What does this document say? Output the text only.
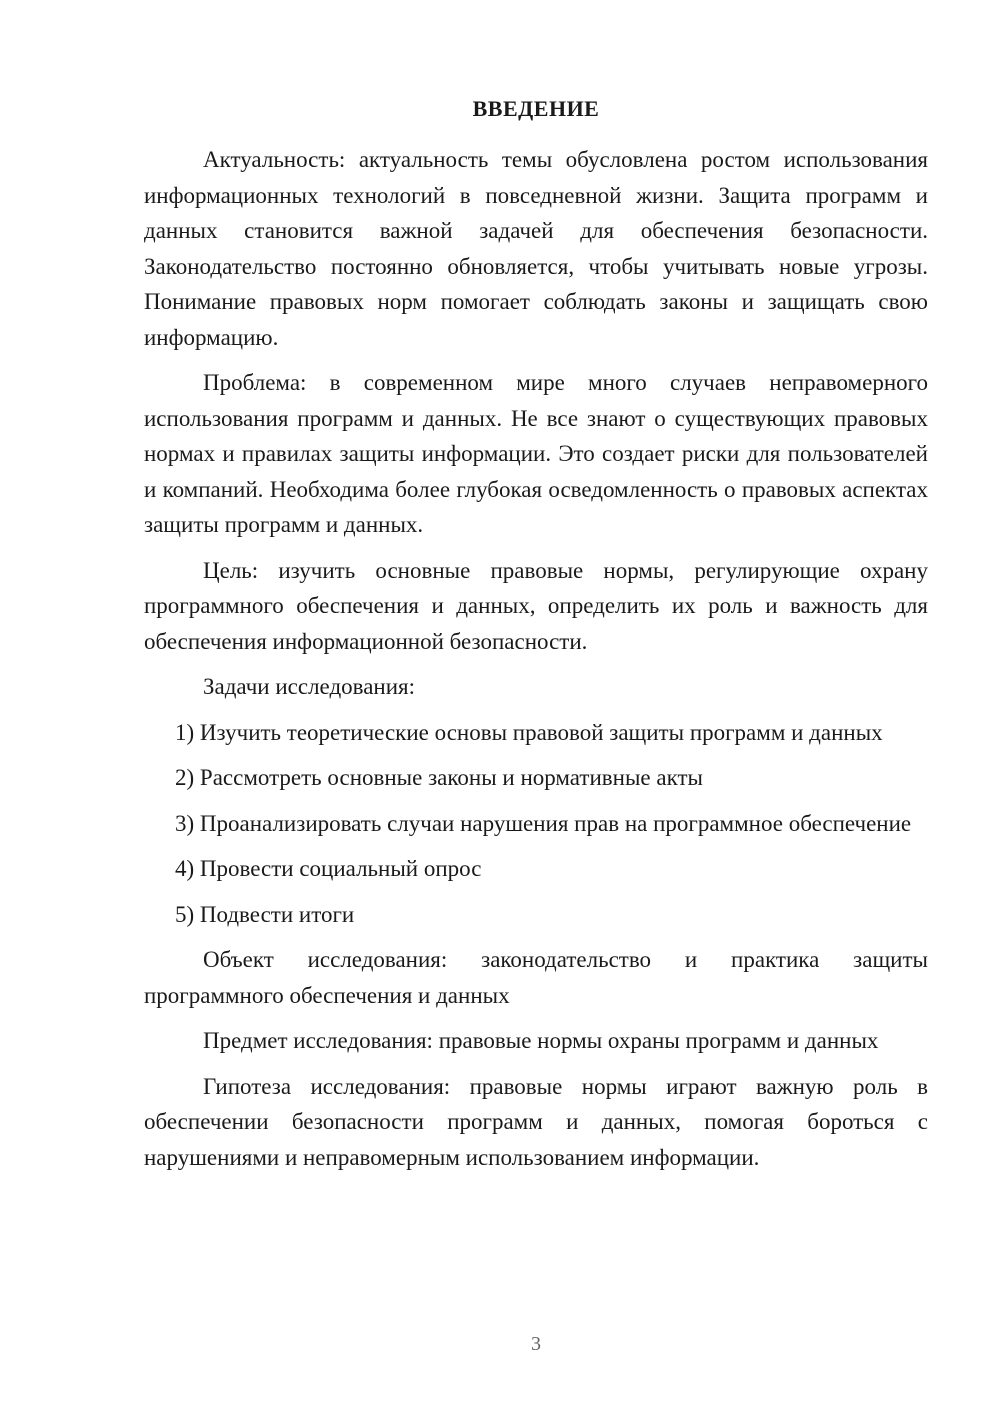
ВВЕДЕНИЕ

Актуальность: актуальность темы обусловлена ростом использования информационных технологий в повседневной жизни. Защита программ и данных становится важной задачей для обеспечения безопасности. Законодательство постоянно обновляется, чтобы учитывать новые угрозы. Понимание правовых норм помогает соблюдать законы и защищать свою информацию.

Проблема: в современном мире много случаев неправомерного использования программ и данных. Не все знают о существующих правовых нормах и правилах защиты информации. Это создает риски для пользователей и компаний. Необходима более глубокая осведомленность о правовых аспектах защиты программ и данных.

Цель: изучить основные правовые нормы, регулирующие охрану программного обеспечения и данных, определить их роль и важность для обеспечения информационной безопасности.

Задачи исследования:

1) Изучить теоретические основы правовой защиты программ и данных

2) Рассмотреть основные законы и нормативные акты

3) Проанализировать случаи нарушения прав на программное обеспечение

4) Провести социальный опрос

5) Подвести итоги

Объект исследования: законодательство и практика защиты программного обеспечения и данных

Предмет исследования: правовые нормы охраны программ и данных

Гипотеза исследования: правовые нормы играют важную роль в обеспечении безопасности программ и данных, помогая бороться с нарушениями и неправомерным использованием информации.

3
